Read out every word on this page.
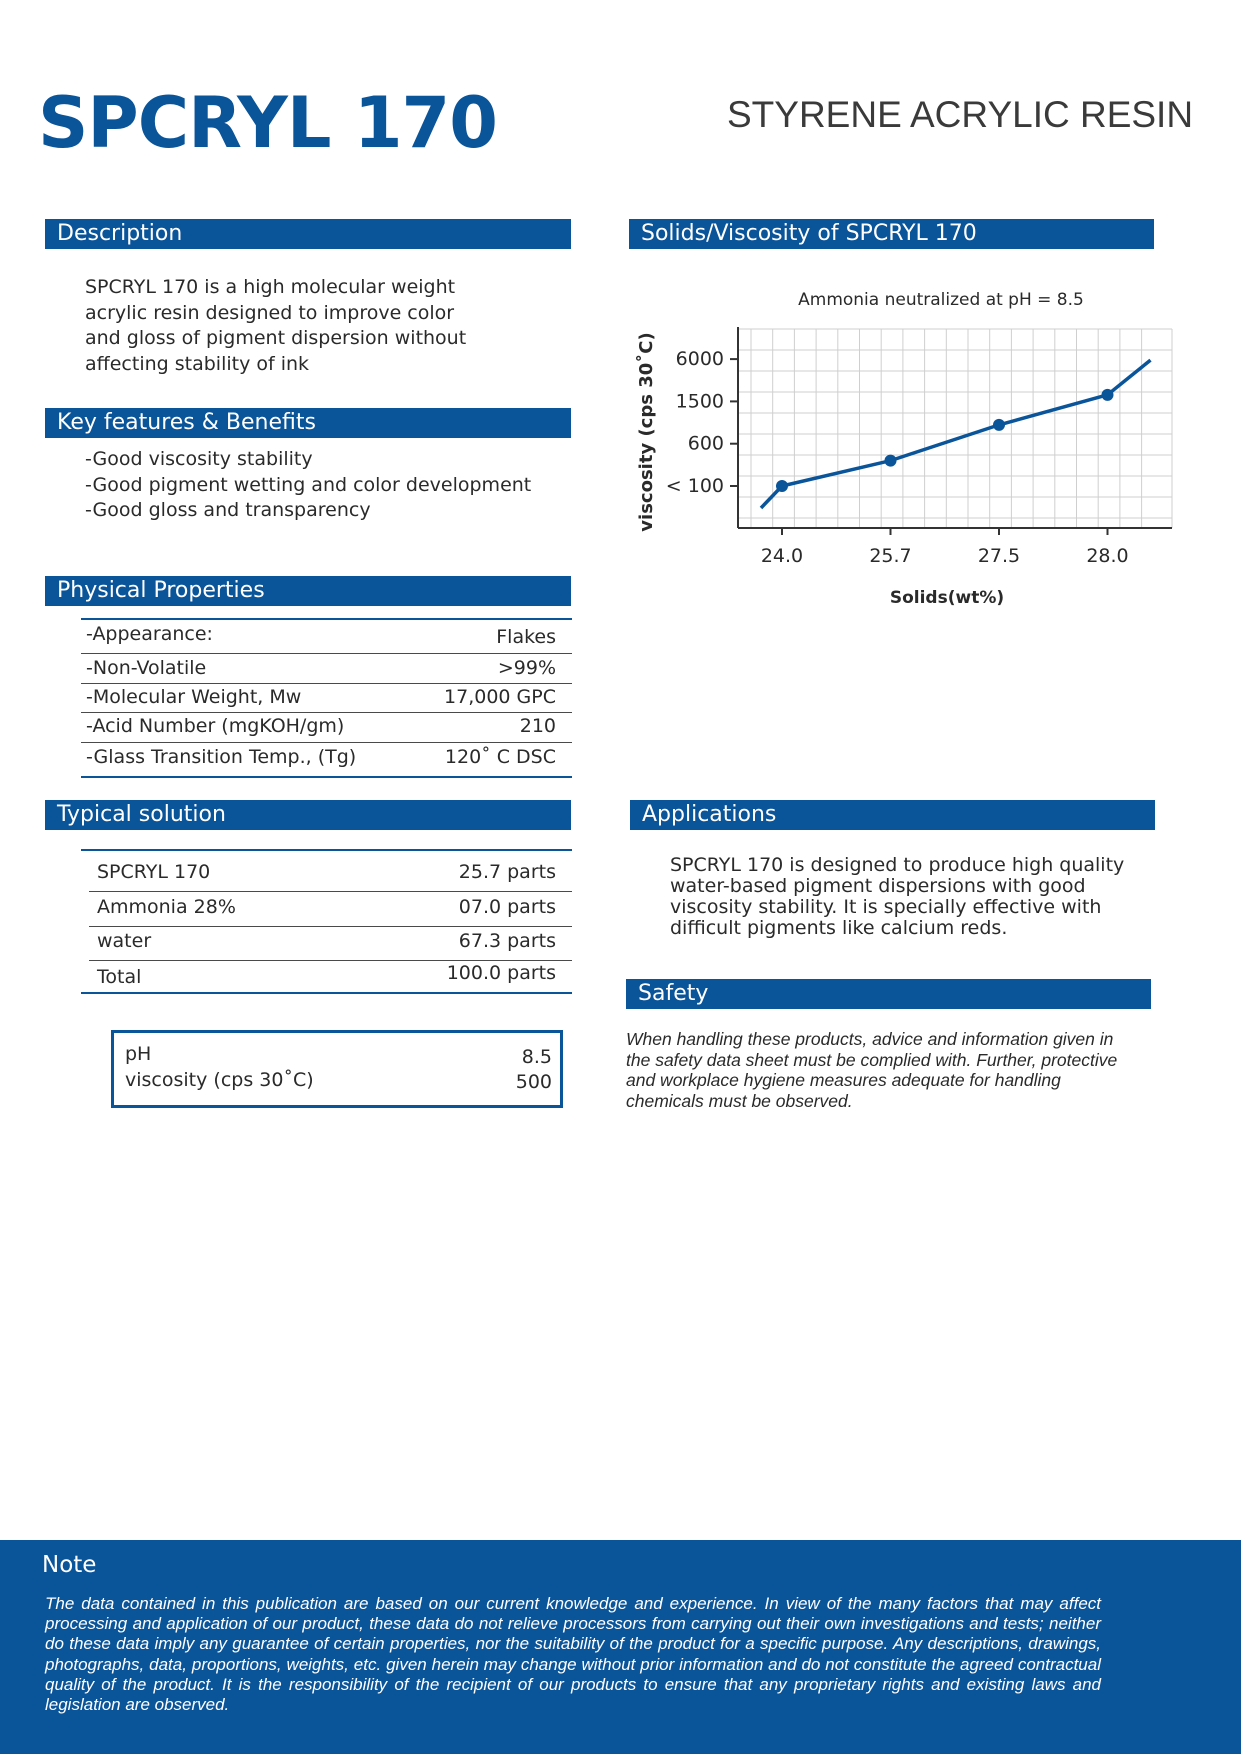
SPCRYL 170	STYRENE ACRYLIC RESIN
Description
SPCRYL 170 is a high molecular weight
acrylic resin designed to improve color
and gloss of pigment dispersion without
affecting stability of ink
Key features & Benefits
-Good viscosity stability
-Good pigment wetting and color development
-Good gloss and transparency
Physical Properties
-Appearance:	Flakes
-Non-Volatile	>99%
-Molecular Weight, Mw	17,000 GPC
-Acid Number (mgKOH/gm)	210
-Glass Transition Temp., (Tg)	120˚ C DSC
Typical solution
SPCRYL 170	25.7 parts
Ammonia 28%	07.0 parts
water	67.3 parts
Total	100.0 parts
pH	8.5
viscosity (cps 30˚C)	500
Solids/Viscosity of SPCRYL 170
Ammonia neutralized at pH = 8.5
24.0	25.7	27.5	28.0
< 100
600
1500
6000
Solids(wt%)
viscosity (cps 30˚C)
Applications
SPCRYL 170 is designed to produce high quality
water-based pigment dispersions with good
viscosity stability. It is specially effective with
difficult pigments like calcium reds.
Safety
When handling these products, advice and information given in
the safety data sheet must be complied with. Further, protective
and workplace hygiene measures adequate for handling
chemicals must be observed.
Note
The data contained in this publication are based on our current knowledge and experience. In view of the many factors that may affect processing and application of our product, these data do not relieve processors from carrying out their own investigations and tests; neither do these data imply any guarantee of certain properties, nor the suitability of the product for a specific purpose. Any descriptions, drawings, photographs, data, proportions, weights, etc. given herein may change without prior information and do not constitute the agreed contractual quality of the product. It is the responsibility of the recipient of our products to ensure that any proprietary rights and existing laws and legislation are observed.
